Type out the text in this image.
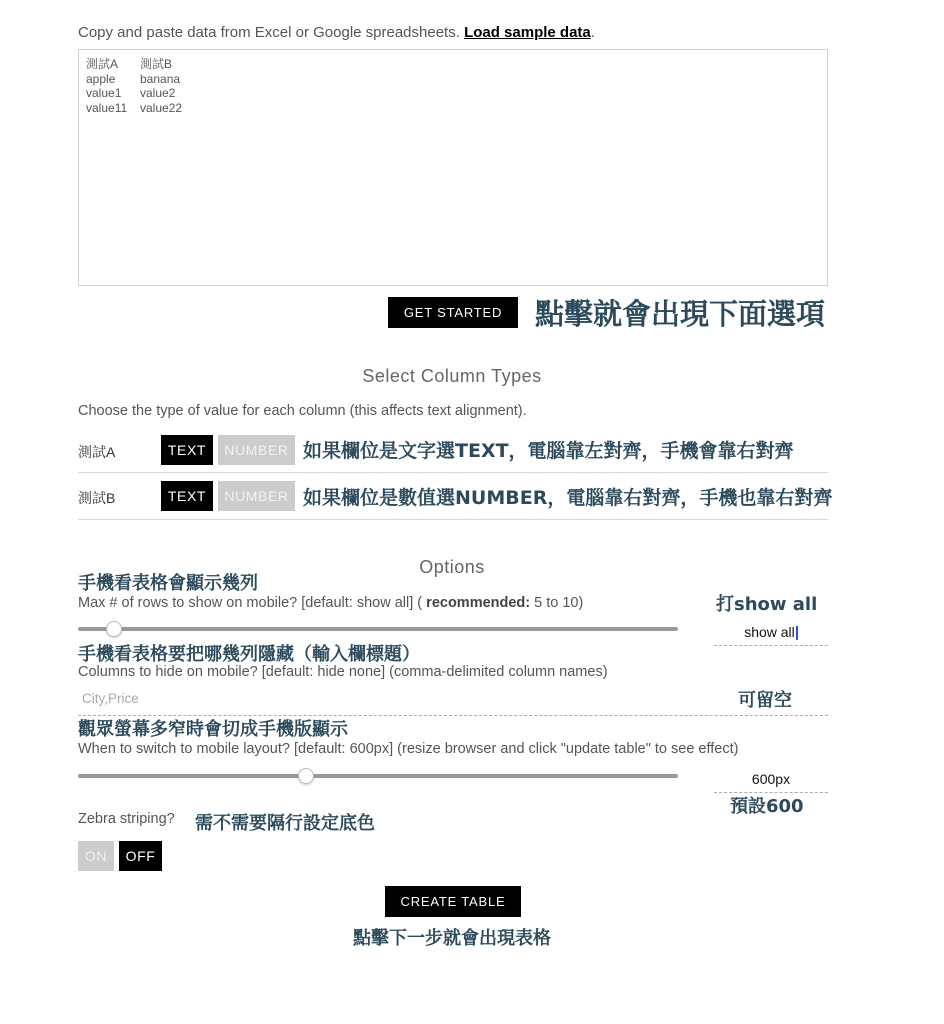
Copy and paste data from Excel or Google spreadsheets. Load sample data.
測試A	測試B
apple	banana
value1	value2
value11	value22
GET STARTED	點擊就會出現下面選項
Select Column Types
Choose the type of value for each column (this affects text alignment).
測試A	TEXT	NUMBER 如果欄位是文字選TEXT，電腦靠左對齊，手機會靠右對齊
測試B	TEXT	NUMBER 如果欄位是數值選NUMBER，電腦靠右對齊，手機也靠右對齊
Options
手機看表格會顯示幾列
Max # of rows to show on mobile? [default: show all] ( recommended: 5 to 10)	打show all
show all
手機看表格要把哪幾列隱藏（輸入欄標題）
Columns to hide on mobile? [default: hide none] (comma-delimited column names)
City,Price	可留空
觀眾螢幕多窄時會切成手機版顯示
When to switch to mobile layout? [default: 600px] (resize browser and click "update table" to see effect)
600px
預設600
Zebra striping? 需不需要隔行設定底色
ON	OFF
CREATE TABLE
點擊下一步就會出現表格
